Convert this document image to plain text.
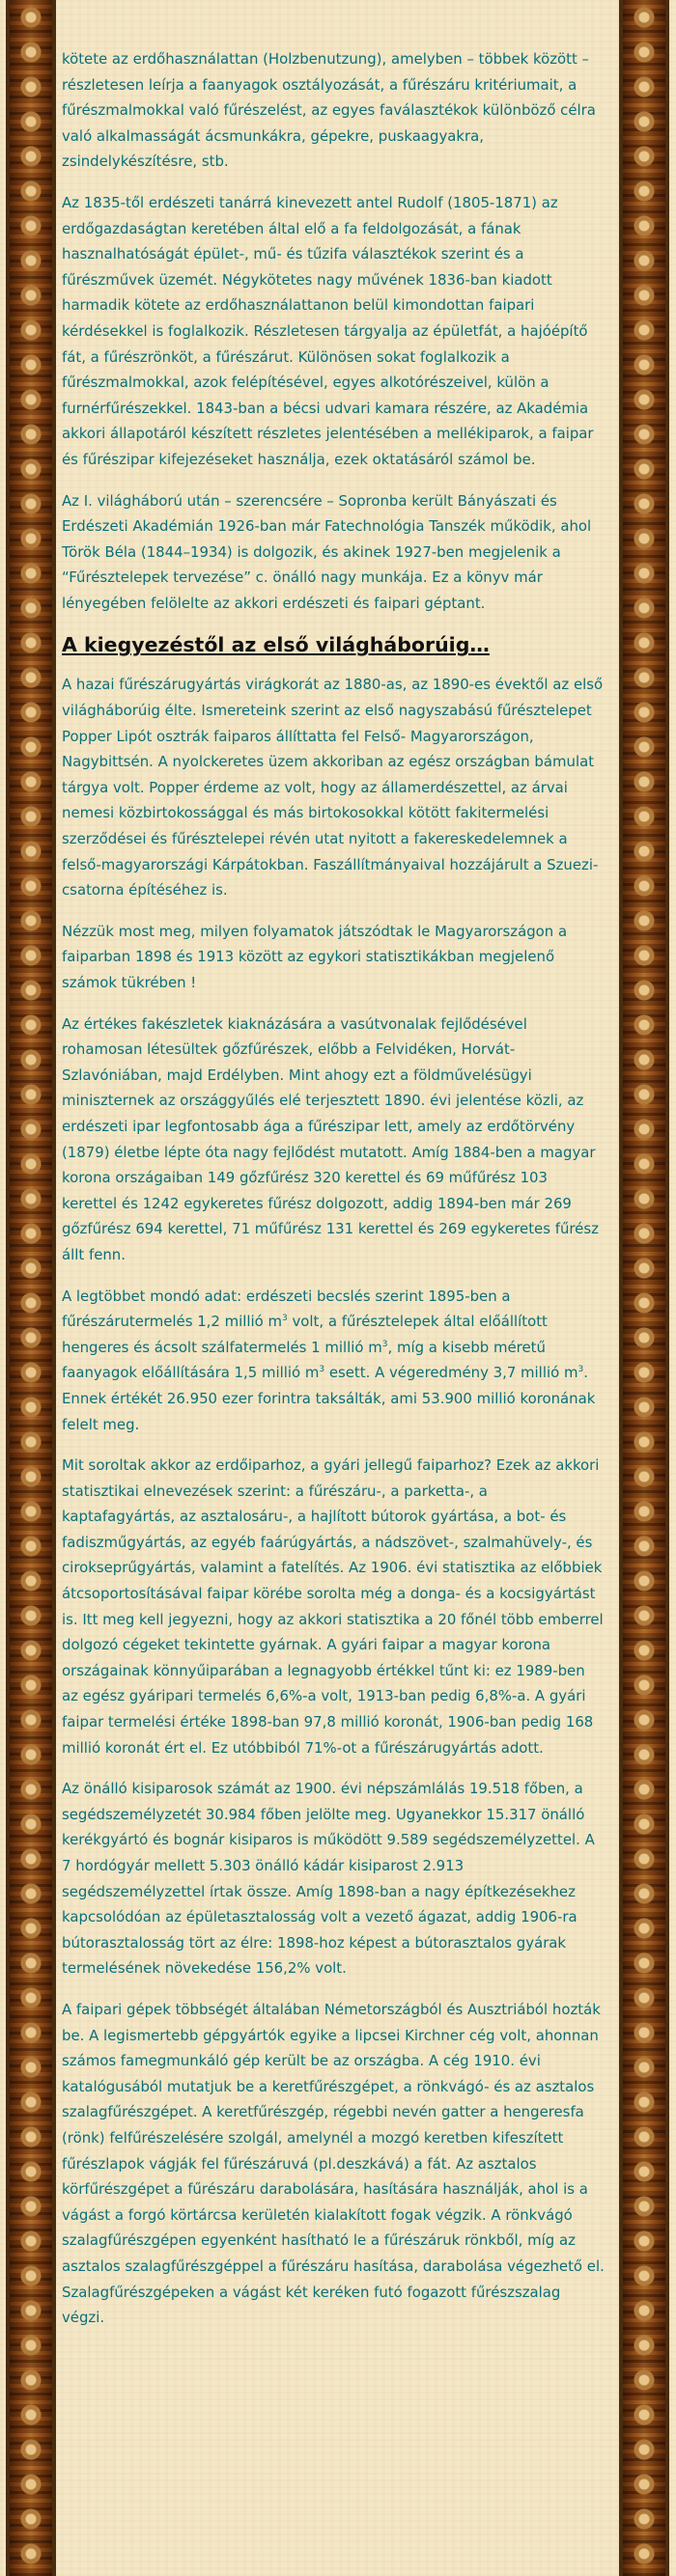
kötete az erdőhasználattan (Holzbenutzung), amelyben – többek között – részletesen leírja a faanyagok osztályozását, a fűrészáru kritériumait, a fűrészmalmokkal való fűrészelést, az egyes faválasztékok különböző célra való alkalmasságát ácsmunkákra, gépekre, puskaagyakra, zsindelykészítésre, stb.

Az 1835-től erdészeti tanárrá kinevezett antel Rudolf (1805-1871) az erdőgazdaságtan keretében által elő a fa feldolgozását, a fának hasznalhatóságát épület-, mű- és tűzifa választékok szerint és a fűrészművek üzemét. Négykötetes nagy művének 1836-ban kiadott harmadik kötete az erdőhasználattanon belül kimondottan faipari kérdésekkel is foglalkozik. Részletesen tárgyalja az épületfát, a hajóépítő fát, a fűrészrönköt, a fűrészárut. Különösen sokat foglalkozik a fűrészmalmokkal, azok felépítésével, egyes alkotórészeivel, külön a furnérfűrészekkel. 1843-ban a bécsi udvari kamara részére, az Akadémia akkori állapotáról készített részletes jelentésében a mellékiparok, a faipar és fűrészipar kifejezéseket használja, ezek oktatásáról számol be.

Az I. világháború után – szerencsére – Sopronba került Bányászati és Erdészeti Akadémián 1926-ban már Fatechnológia Tanszék működik, ahol Török Béla (1844–1934) is dolgozik, és akinek 1927-ben megjelenik a “Fűrésztelepek tervezése” c. önálló nagy munkája. Ez a könyv már lényegében felölelte az akkori erdészeti és faipari géptant.

A kiegyezéstől az első világháborúig…

A hazai fűrészárugyártás virágkorát az 1880-as, az 1890-es évektől az első világháborúig élte. Ismereteink szerint az első nagyszabású fűrésztelepet Popper Lipót osztrák faiparos állíttatta fel Felső- Magyarországon, Nagybittsén. A nyolckeretes üzem akkoriban az egész országban bámulat tárgya volt. Popper érdeme az volt, hogy az államerdészettel, az árvai nemesi közbirtokossággal és más birtokosokkal kötött fakitermelési szerződései és fűrésztelepei révén utat nyitott a fakereskedelemnek a felső-magyarországi Kárpátokban. Faszállítmányaival hozzájárult a Szuezi-csatorna építéséhez is.

Nézzük most meg, milyen folyamatok játszódtak le Magyarországon a faiparban 1898 és 1913 között az egykori statisztikákban megjelenő számok tükrében !

Az értékes fakészletek kiaknázására a vasútvonalak fejlődésével rohamosan létesültek gőzfűrészek, előbb a Felvidéken, Horvát-Szlavóniában, majd Erdélyben. Mint ahogy ezt a földművelésügyi miniszternek az országgyűlés elé terjesztett 1890. évi jelentése közli, az erdészeti ipar legfontosabb ága a fűrészipar lett, amely az erdőtörvény (1879) életbe lépte óta nagy fejlődést mutatott. Amíg 1884-ben a magyar korona országaiban 149 gőzfűrész 320 kerettel és 69 műfűrész 103 kerettel és 1242 egykeretes fűrész dolgozott, addig 1894-ben már 269 gőzfűrész 694 kerettel, 71 műfűrész 131 kerettel és 269 egykeretes fűrész állt fenn.

A legtöbbet mondó adat: erdészeti becslés szerint 1895-ben a fűrészárutermelés 1,2 millió $m^3$ volt, a fűrésztelepek által előállított hengeres és ácsolt szálfatermelés 1 millió $m^3$, míg a kisebb méretű faanyagok előállítására 1,5 millió $m^3$ esett. A végeredmény 3,7 millió $m^3$. Ennek értékét 26.950 ezer forintra taksálták, ami 53.900 millió koronának felelt meg.

Mit soroltak akkor az erdőiparhoz, a gyári jellegű faiparhoz? Ezek az akkori statisztikai elnevezések szerint: a fűrészáru-, a parketta-, a kaptafagyártás, az asztalosáru-, a hajlított bútorok gyártása, a bot- és fadiszműgyártás, az egyéb faárúgyártás, a nádszövet-, szalmahüvely-, és cirokseprűgyártás, valamint a fatelítés. Az 1906. évi statisztika az előbbiek átcsoportosításával faipar körébe sorolta még a donga- és a kocsigyártást is. Itt meg kell jegyezni, hogy az akkori statisztika a 20 főnél több emberrel dolgozó cégeket tekintette gyárnak. A gyári faipar a magyar korona országainak könnyűiparában a legnagyobb értékkel tűnt ki: ez 1989-ben az egész gyáripari termelés 6,6%-a volt, 1913-ban pedig 6,8%-a. A gyári faipar termelési értéke 1898-ban 97,8 millió koronát, 1906-ban pedig 168 millió koronát ért el. Ez utóbbiból 71%-ot a fűrészárugyártás adott.

Az önálló kisiparosok számát az 1900. évi népszámlálás 19.518 főben, a segédszemélyzetét 30.984 főben jelölte meg. Ugyanekkor 15.317 önálló kerékgyártó és bognár kisiparos is működött 9.589 segédszemélyzettel. A 7 hordógyár mellett 5.303 önálló kádár kisiparost 2.913 segédszemélyzettel írtak össze. Amíg 1898-ban a nagy építkezésekhez kapcsolódóan az épületasztalosság volt a vezető ágazat, addig 1906-ra bútorasztalosság tört az élre: 1898-hoz képest a bútorasztalos gyárak termelésének növekedése 156,2% volt.

A faipari gépek többségét általában Németországból és Ausztriából hozták be. A legismertebb gépgyártók egyike a lipcsei Kirchner cég volt, ahonnan számos famegmunkáló gép került be az országba. A cég 1910. évi katalógusából mutatjuk be a keretfűrészgépet, a rönkvágó- és az asztalos szalagfűrészgépet. A keretfűrészgép, régebbi nevén gatter a hengeresfa (rönk) felfűrészelésére szolgál, amelynél a mozgó keretben kifeszített fűrészlapok vágják fel fűrészáruvá (pl.deszkává) a fát. Az asztalos körfűrészgépet a fűrészáru darabolására, hasítására használják, ahol is a vágást a forgó körtárcsa kerületén kialakított fogak végzik. A rönkvágó szalagfűrészgépen egyenként hasítható le a fűrészáruk rönkből, míg az asztalos szalagfűrészgéppel a fűrészáru hasítása, darabolása végezhető el. Szalagfűrészgépeken a vágást két keréken futó fogazott fűrészszalag végzi.
